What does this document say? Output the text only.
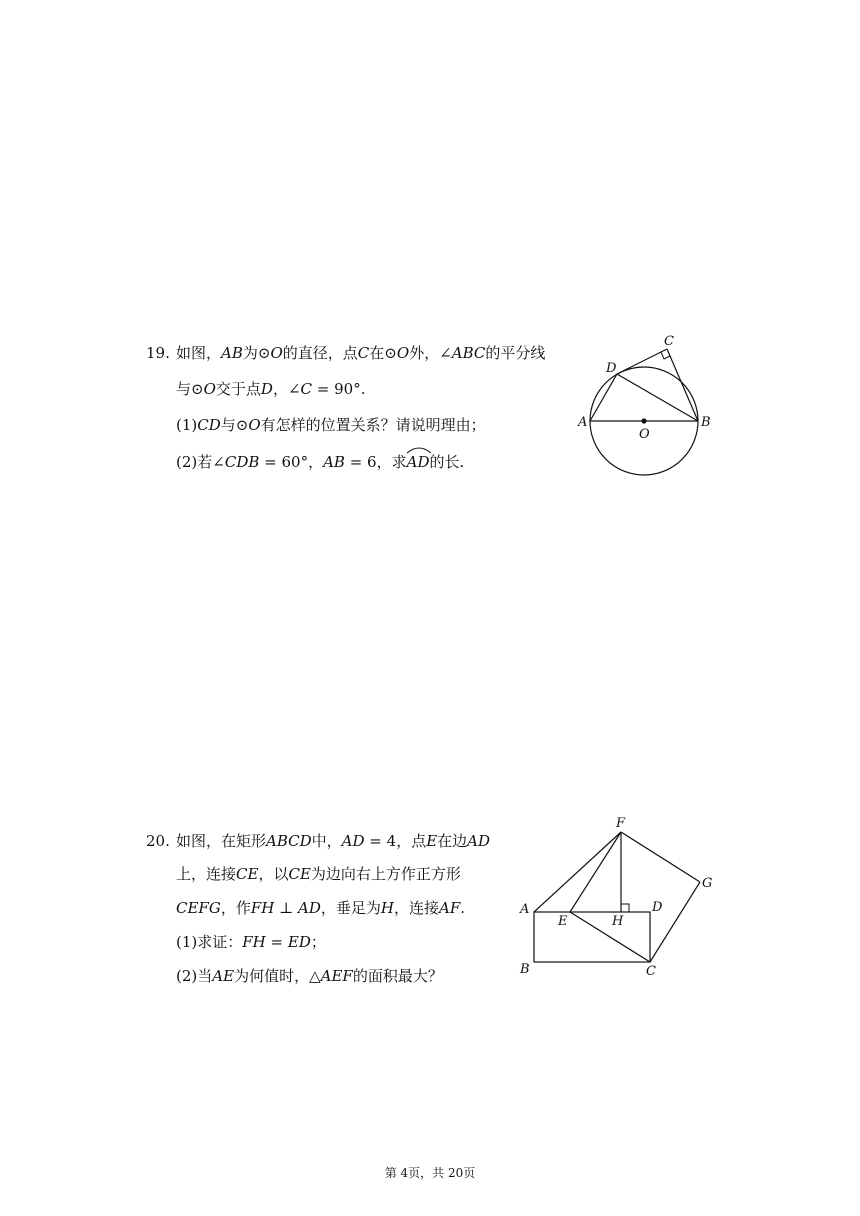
19. 如图，AB为⊙O的直径，点C在⊙O外，∠ABC的平分线
与⊙O交于点D，∠C = 90°.
(1)CD与⊙O有怎样的位置关系？请说明理由；
(2)若∠CDB = 60°，AB = 6，求
AD的长.
A	B
C
D
O
20. 如图，在矩形ABCD中，AD = 4，点E在边AD
上，连接CE，以CE为边向右上方作正方形
CEFG，作FH ⊥ AD，垂足为H，连接AF.
(1)求证：FH = ED；
(2)当AE为何值时，△AEF的面积最大？
A
B	C
D
E
F
G
H
第 4页，共 20页
